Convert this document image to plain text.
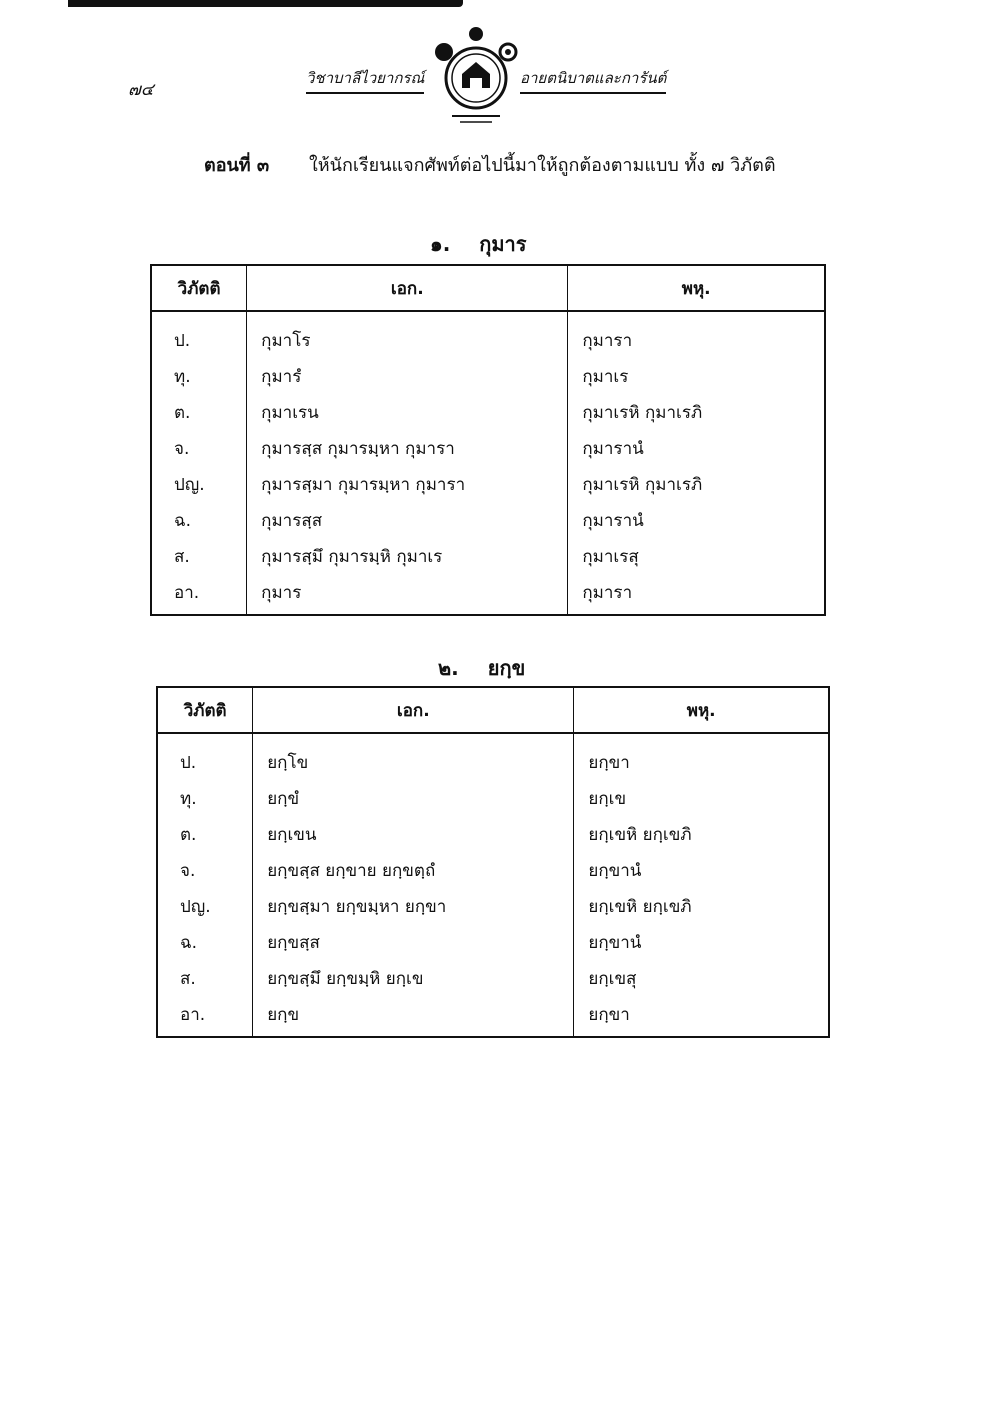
๗๔
วิชาบาลีไวยากรณ์	อายตนิบาตและการันต์
ตอนที่ ๓ ให้นักเรียนแจกศัพท์ต่อไปนี้มาให้ถูกต้องตามแบบ ทั้ง ๗ วิภัตติ
๑. กุมาร
วิภัตติ	เอก.	พหุ.
ป.	กุมาโร	กุมารา
ทุ.	กุมารํ	กุมาเร
ต.	กุมาเรน	กุมาเรหิ กุมาเรภิ
จ.	กุมารสฺส กุมารมฺหา กุมารา	กุมารานํ
ปญ.	กุมารสฺมา กุมารมฺหา กุมารา	กุมาเรหิ กุมาเรภิ
ฉ.	กุมารสฺส	กุมารานํ
ส.	กุมารสฺมึ กุมารมฺหิ กุมาเร	กุมาเรสุ
อา.	กุมาร	กุมารา
๒. ยกฺข
วิภัตติ	เอก.	พหุ.
ป.	ยกฺโข	ยกฺขา
ทุ.	ยกฺขํ	ยกฺเข
ต.	ยกฺเขน	ยกฺเขหิ ยกฺเขภิ
จ.	ยกฺขสฺส ยกฺขาย ยกฺขตฺถํ	ยกฺขานํ
ปญ.	ยกฺขสฺมา ยกฺขมฺหา ยกฺขา	ยกฺเขหิ ยกฺเขภิ
ฉ.	ยกฺขสฺส	ยกฺขานํ
ส.	ยกฺขสฺมึ ยกฺขมฺหิ ยกฺเข	ยกฺเขสุ
อา.	ยกฺข	ยกฺขา
